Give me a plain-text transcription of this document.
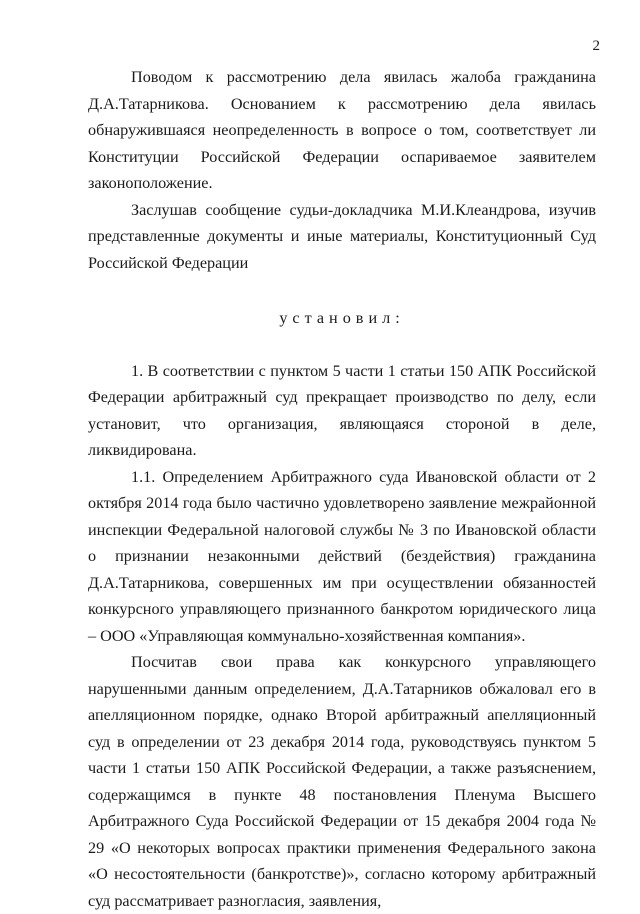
2

Поводом к рассмотрению дела явилась жалоба гражданина Д.А.Татарникова. Основанием к рассмотрению дела явилась обнаружившаяся неопределенность в вопросе о том, соответствует ли Конституции Российской Федерации оспариваемое заявителем законоположение.

Заслушав сообщение судьи-докладчика М.И.Клеандрова, изучив представленные документы и иные материалы, Конституционный Суд Российской Федерации

установил:

1. В соответствии с пунктом 5 части 1 статьи 150 АПК Российской Федерации арбитражный суд прекращает производство по делу, если установит, что организация, являющаяся стороной в деле, ликвидирована.

1.1. Определением Арбитражного суда Ивановской области от 2 октября 2014 года было частично удовлетворено заявление межрайонной инспекции Федеральной налоговой службы № 3 по Ивановской области о признании незаконными действий (бездействия) гражданина Д.А.Татарникова, совершенных им при осуществлении обязанностей конкурсного управляющего признанного банкротом юридического лица – ООО «Управляющая коммунально-хозяйственная компания».

Посчитав свои права как конкурсного управляющего нарушенными данным определением, Д.А.Татарников обжаловал его в апелляционном порядке, однако Второй арбитражный апелляционный суд в определении от 23 декабря 2014 года, руководствуясь пунктом 5 части 1 статьи 150 АПК Российской Федерации, а также разъяснением, содержащимся в пункте 48 постановления Пленума Высшего Арбитражного Суда Российской Федерации от 15 декабря 2004 года № 29 «О некоторых вопросах практики применения Федерального закона «О несостоятельности (банкротстве)», согласно которому арбитражный суд рассматривает разногласия, заявления,
